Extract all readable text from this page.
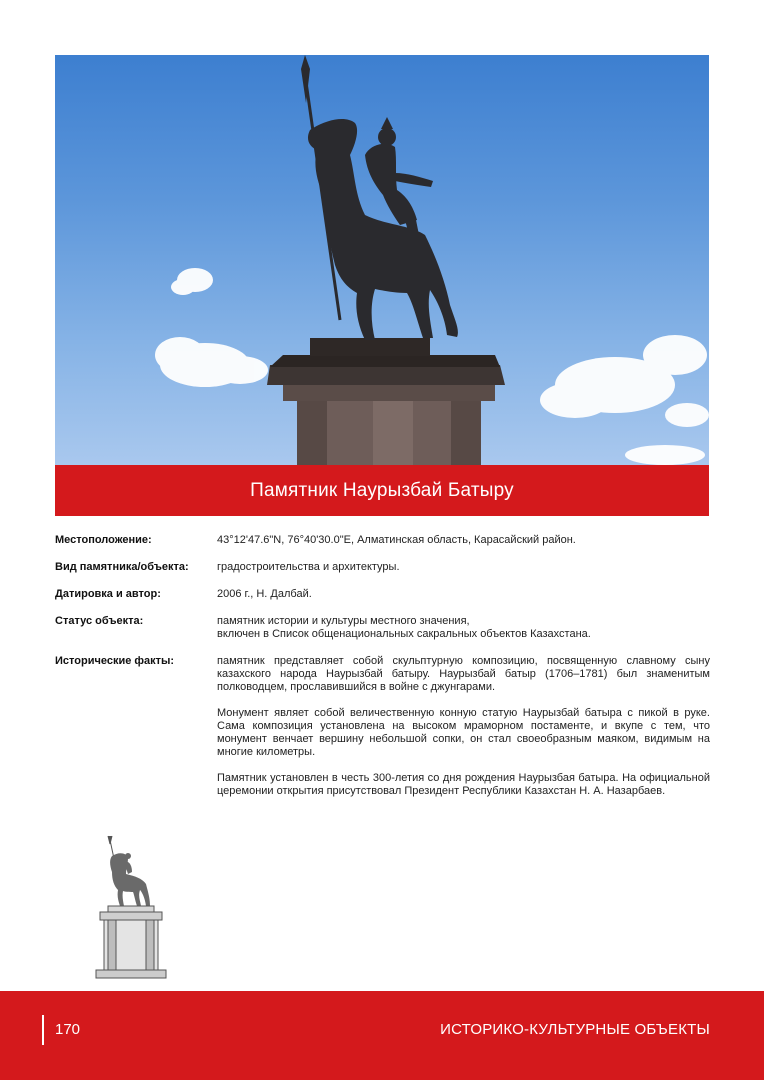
Памятник Наурызбай Батыру
Местоположение:	43°12'47.6"N, 76°40'30.0"E, Алматинская область, Карасайский район.
Вид памятника/объекта:	градостроительства и архитектуры.
Датировка и автор:	2006 г., Н. Далбай.
Статус объекта:	памятник истории и культуры местного значения,
включен в Список общенациональных сакральных объектов Казахстана.
Исторические факты:	памятник представляет собой скульптурную композицию, посвященную славному сыну казахского народа Наурызбай батыру. Наурызбай батыр (1706–1781) был знаменитым полководцем, прославившийся в войне с джунгарами.

Монумент являет собой величественную конную статую Наурызбай батыра с пикой в руке. Сама композиция установлена на высоком мраморном постаменте, и вкупе с тем, что монумент венчает вершину небольшой сопки, он стал своеобразным маяком, видимым на многие километры.

Памятник установлен в честь 300-летия со дня рождения Наурызбая батыра. На официальной церемонии открытия присутствовал Президент Республики Казахстан Н. А. Назарбаев.

170	ИСТОРИКО-КУЛЬТУРНЫЕ ОБЪЕКТЫ
